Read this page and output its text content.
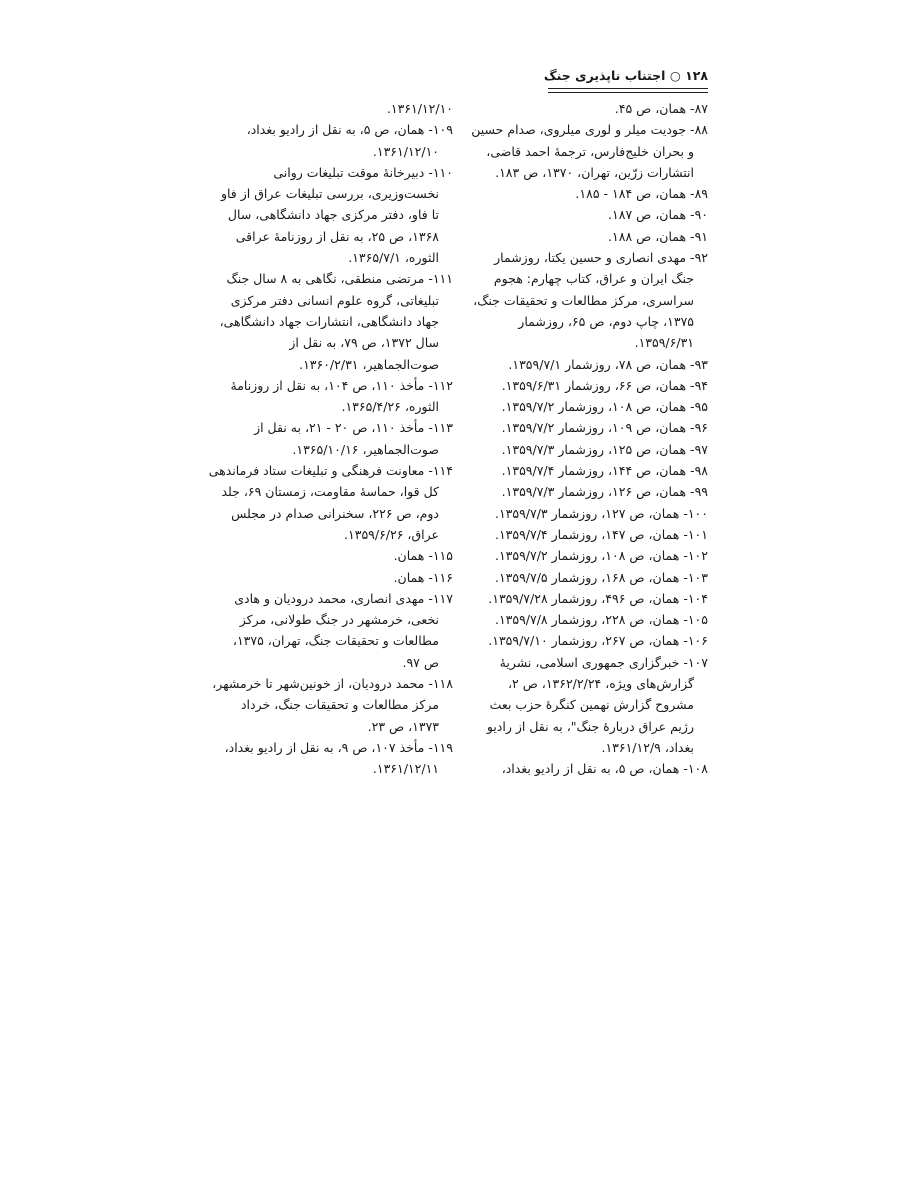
۱۲۸ ○ اجتناب ناپذیری جنگ
۸۷- همان، ص ۴۵.
۸۸- جودیت میلر و لوری میلروی، صدام حسین
و بحران خلیج‌فارس، ترجمهٔ احمد قاضی،
انتشارات زرّین، تهران، ۱۳۷۰، ص ۱۸۳.
۸۹- همان، ص ۱۸۴ - ۱۸۵.
۹۰- همان، ص ۱۸۷.
۹۱- همان، ص ۱۸۸.
۹۲- مهدی انصاری و حسین یکتا، روزشمار
جنگ ایران و عراق، کتاب چهارم: هجوم
سراسری، مرکز مطالعات و تحقیقات جنگ،
۱۳۷۵، چاپ دوم، ص ۶۵، روزشمار
۱۳۵۹/۶/۳۱.
۹۳- همان، ص ۷۸، روزشمار ۱۳۵۹/۷/۱.
۹۴- همان، ص ۶۶، روزشمار ۱۳۵۹/۶/۳۱.
۹۵- همان، ص ۱۰۸، روزشمار ۱۳۵۹/۷/۲.
۹۶- همان، ص ۱۰۹، روزشمار ۱۳۵۹/۷/۲.
۹۷- همان، ص ۱۲۵، روزشمار ۱۳۵۹/۷/۳.
۹۸- همان، ص ۱۴۴، روزشمار ۱۳۵۹/۷/۴.
۹۹- همان، ص ۱۲۶، روزشمار ۱۳۵۹/۷/۳.
۱۰۰- همان، ص ۱۲۷، روزشمار ۱۳۵۹/۷/۳.
۱۰۱- همان، ص ۱۴۷، روزشمار ۱۳۵۹/۷/۴.
۱۰۲- همان، ص ۱۰۸، روزشمار ۱۳۵۹/۷/۲.
۱۰۳- همان، ص ۱۶۸، روزشمار ۱۳۵۹/۷/۵.
۱۰۴- همان، ص ۴۹۶، روزشمار ۱۳۵۹/۷/۲۸.
۱۰۵- همان، ص ۲۲۸، روزشمار ۱۳۵۹/۷/۸.
۱۰۶- همان، ص ۲۶۷، روزشمار ۱۳۵۹/۷/۱۰.
۱۰۷- خبرگزاری جمهوری اسلامی، نشریهٔ
گزارش‌های ویژه، ۱۳۶۲/۲/۲۴، ص ۲،
مشروح گزارش نهمین کنگرهٔ حزب بعث
رژیم عراق دربارهٔ جنگ"، به نقل از رادیو
بغداد، ۱۳۶۱/۱۲/۹.
۱۰۸- همان، ص ۵، به نقل از رادیو بغداد،
۱۳۶۱/۱۲/۱۰.
۱۰۹- همان، ص ۵، به نقل از رادیو بغداد،
۱۳۶۱/۱۲/۱۰.
۱۱۰- دبیرخانهٔ موقت تبلیغات روانی
نخست‌وزیری، بررسی تبلیغات عراق از فاو
تا فاو، دفتر مرکزی جهاد دانشگاهی، سال
۱۳۶۸، ص ۲۵، به نقل از روزنامهٔ عراقی
الثوره، ۱۳۶۵/۷/۱.
۱۱۱- مرتضی منطقی، نگاهی به ۸ سال جنگ
تبلیغاتی، گروه علوم انسانی دفتر مرکزی
جهاد دانشگاهی، انتشارات جهاد دانشگاهی،
سال ۱۳۷۲، ص ۷۹، به نقل از
صوت‌الجماهیر، ۱۳۶۰/۲/۳۱.
۱۱۲- مأخذ ۱۱۰، ص ۱۰۴، به نقل از روزنامهٔ
الثوره، ۱۳۶۵/۴/۲۶.
۱۱۳- مأخذ ۱۱۰، ص ۲۰ - ۲۱، به نقل از
صوت‌الجماهیر، ۱۳۶۵/۱۰/۱۶.
۱۱۴- معاونت فرهنگی و تبلیغات ستاد فرماندهی
کل قوا، حماسهٔ مقاومت، زمستان ۶۹، جلد
دوم، ص ۲۲۶، سخنرانی صدام در مجلس
عراق، ۱۳۵۹/۶/۲۶.
۱۱۵- همان.
۱۱۶- همان.
۱۱۷- مهدی انصاری، محمد درودیان و هادی
نخعی، خرمشهر در جنگ طولانی، مرکز
مطالعات و تحقیقات جنگ، تهران، ۱۳۷۵،
ص ۹۷.
۱۱۸- محمد درودیان، از خونین‌شهر تا خرمشهر،
مرکز مطالعات و تحقیقات جنگ، خرداد
۱۳۷۳، ص ۲۳.
۱۱۹- مأخذ ۱۰۷، ص ۹، به نقل از رادیو بغداد،
۱۳۶۱/۱۲/۱۱.
